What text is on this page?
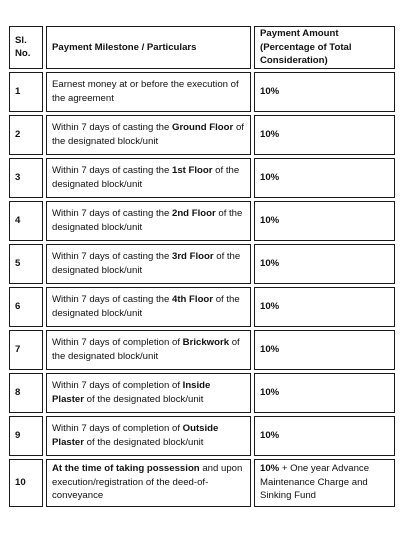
Sl. No.	Payment Milestone / Particulars	Payment Amount (Percentage of Total Consideration)
1	Earnest money at or before the execution of the agreement	10%
2	Within 7 days of casting the Ground Floor of the designated block/unit	10%
3	Within 7 days of casting the 1st Floor of the designated block/unit	10%
4	Within 7 days of casting the 2nd Floor of the designated block/unit	10%
5	Within 7 days of casting the 3rd Floor of the designated block/unit	10%
6	Within 7 days of casting the 4th Floor of the designated block/unit	10%
7	Within 7 days of completion of Brickwork of the designated block/unit	10%
8	Within 7 days of completion of Inside Plaster of the designated block/unit	10%
9	Within 7 days of completion of Outside Plaster of the designated block/unit	10%
10	At the time of taking possession and upon execution/registration of the deed-of-conveyance	10% + One year Advance Maintenance Charge and Sinking Fund
